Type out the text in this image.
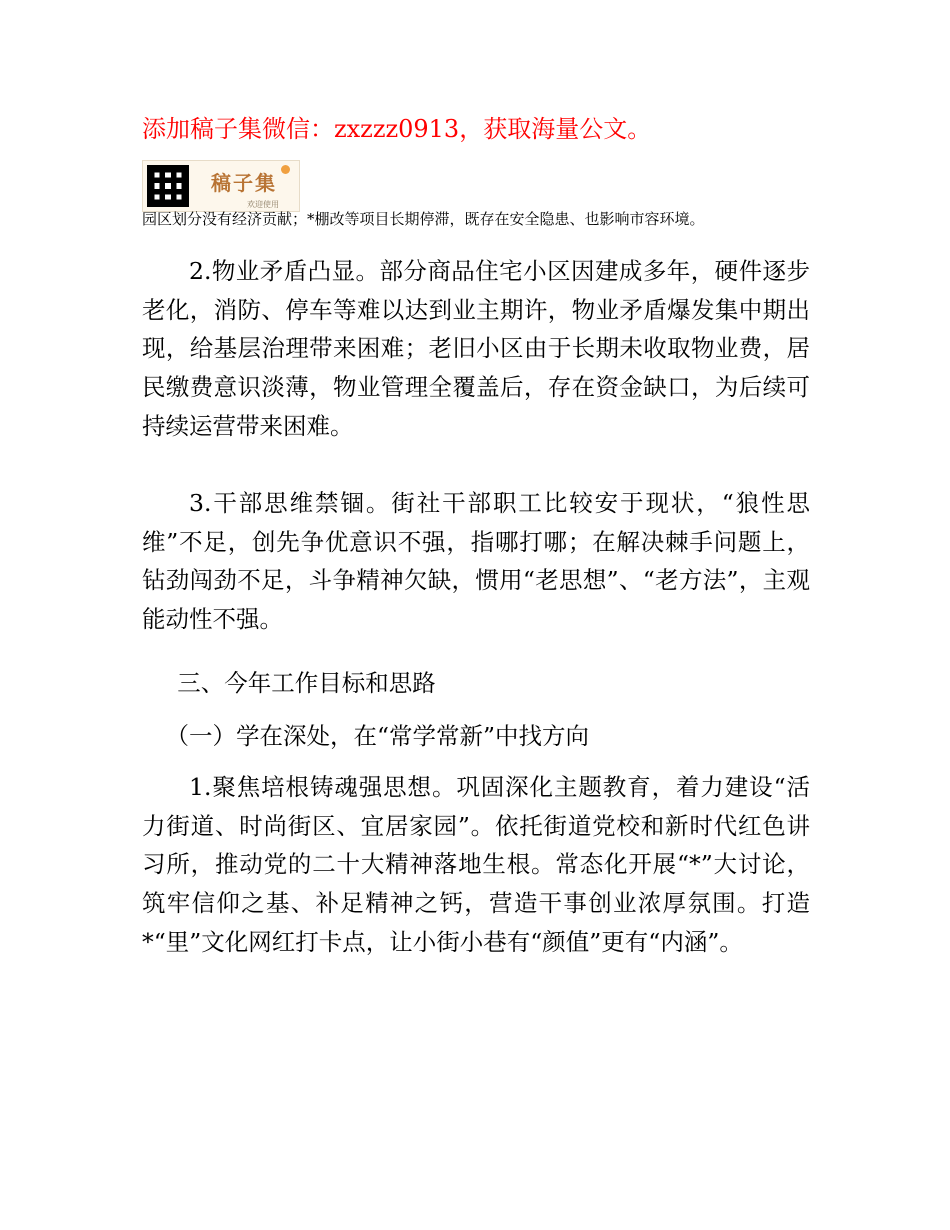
添加稿子集微信：zxzzz0913，获取海量公文。
稿子集
欢迎使用
园区划分没有经济贡献；*棚改等项目长期停滞，既存在安全隐患、也影响市容环境。

2.物业矛盾凸显。部分商品住宅小区因建成多年，硬件逐步老化，消防、停车等难以达到业主期许，物业矛盾爆发集中期出现，给基层治理带来困难；老旧小区由于长期未收取物业费，居民缴费意识淡薄，物业管理全覆盖后，存在资金缺口，为后续可持续运营带来困难。

3.干部思维禁锢。街社干部职工比较安于现状，“狼性思维”不足，创先争优意识不强，指哪打哪；在解决棘手问题上，钻劲闯劲不足，斗争精神欠缺，惯用“老思想”、“老方法”，主观能动性不强。

三、今年工作目标和思路

（一）学在深处，在“常学常新”中找方向

1.聚焦培根铸魂强思想。巩固深化主题教育，着力建设“活力街道、时尚街区、宜居家园”。依托街道党校和新时代红色讲习所，推动党的二十大精神落地生根。常态化开展“*”大讨论，筑牢信仰之基、补足精神之钙，营造干事创业浓厚氛围。打造*“里”文化网红打卡点，让小街小巷有“颜值”更有“内涵”。
